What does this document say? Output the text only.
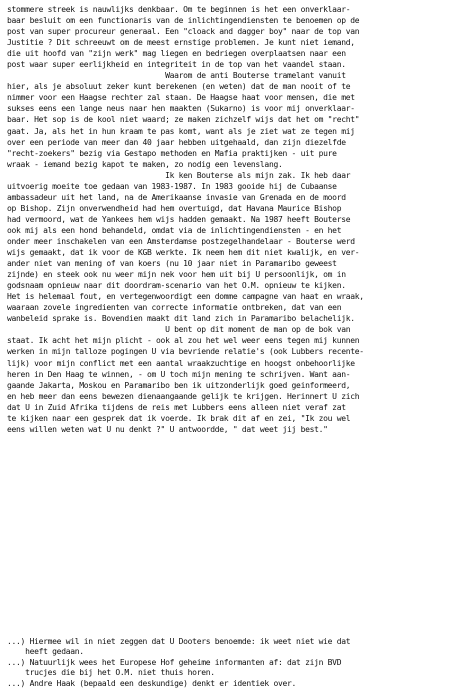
stommere streek is nauwlijks denkbaar. Om te beginnen is het een onverklaar-
baar besluit om een functionaris van de inlichtingendiensten te benoemen op de
post van super procureur generaal. Een "cloack and dagger boy" naar de top van
Justitie ? Dit schreeuwt om de meest ernstige problemen. Je kunt niet iemand,
die uit hoofd van "zijn werk" mag liegen en bedriegen overplaatsen naar een
post waar super eerlijkheid en integriteit in de top van het vaandel staan.
Waarom de anti Bouterse tramelant vanuit
hier, als je absoluut zeker kunt berekenen (en weten) dat de man nooit of te
nimmer voor een Haagse rechter zal staan. De Haagse haat voor mensen, die met
sukses eens een lange neus naar hen maakten (Sukarno) is voor mij onverklaar-
baar. Het sop is de kool niet waard; ze maken zichzelf wijs dat het om "recht"
gaat. Ja, als het in hun kraam te pas komt, want als je ziet wat ze tegen mij
over een periode van meer dan 40 jaar hebben uitgehaald, dan zijn diezelfde
"recht-zoekers" bezig via Gestapo methoden en Mafia praktijken - uit pure
wraak - iemand bezig kapot te maken, zo nodig een levenslang.
Ik ken Bouterse als mijn zak. Ik heb daar
uitvoerig moeite toe gedaan van 1983-1987. In 1983 gooide hij de Cubaanse
ambassadeur uit het land, na de Amerikaanse invasie van Grenada en de moord
op Bishop. Zijn onverwendheid had hem overtuigd, dat Havana Maurice Bishop
had vermoord, wat de Yankees hem wijs hadden gemaakt. Na 1987 heeft Bouterse
ook mij als een hond behandeld, omdat via de inlichtingendiensten - en het
onder meer inschakelen van een Amsterdamse postzegelhandelaar - Bouterse werd
wijs gemaakt, dat ik voor de KGB werkte. Ik neem hem dit niet kwalijk, en ver-
ander niet van mening of van koers (nu 10 jaar niet in Paramaribo geweest
zijnde) en steek ook nu weer mijn nek voor hem uit bij U persoonlijk, om in
godsnaam opnieuw naar dit doordram-scenario van het O.M. opnieuw te kijken.
Het is helemaal fout, en vertegenwoordigt een domme campagne van haat en wraak,
waaraan zovele ingredienten van correcte informatie ontbreken, dat van een
wanbeleid sprake is. Bovendien maakt dit land zich in Paramaribo belachelijk.
U bent op dit moment de man op de bok van
staat. Ik acht het mijn plicht - ook al zou het wel weer eens tegen mij kunnen
werken in mijn talloze pogingen U via bevriende relatie's (ook Lubbers recente-
lijk) voor mijn conflict met een aantal wraakzuchtige en hoogst onbehoorlijke
heren in Den Haag te winnen, - om U toch mijn mening te schrijven. Want aan-
gaande Jakarta, Moskou en Paramaribo ben ik uitzonderlijk goed geinformeerd,
en heb meer dan eens bewezen dienaangaande gelijk te krijgen. Herinnert U zich
dat U in Zuid Afrika tijdens de reis met Lubbers eens alleen niet veraf zat
te kijken naar een gesprek dat ik voerde. Ik brak dit af en zei, "Ik zou wel
eens willen weten wat U nu denkt ?" U antwoordde, " dat weet jij best."
...) Hiermee wil in niet zeggen dat U Dooters benoemde: ik weet niet wie dat
heeft gedaan.
...) Natuurlijk wees het Europese Hof geheime informanten af: dat zijn BVD
trucjes die bij het O.M. niet thuis horen.
...) Andre Haak (bepaald een deskundige) denkt er identiek over.
